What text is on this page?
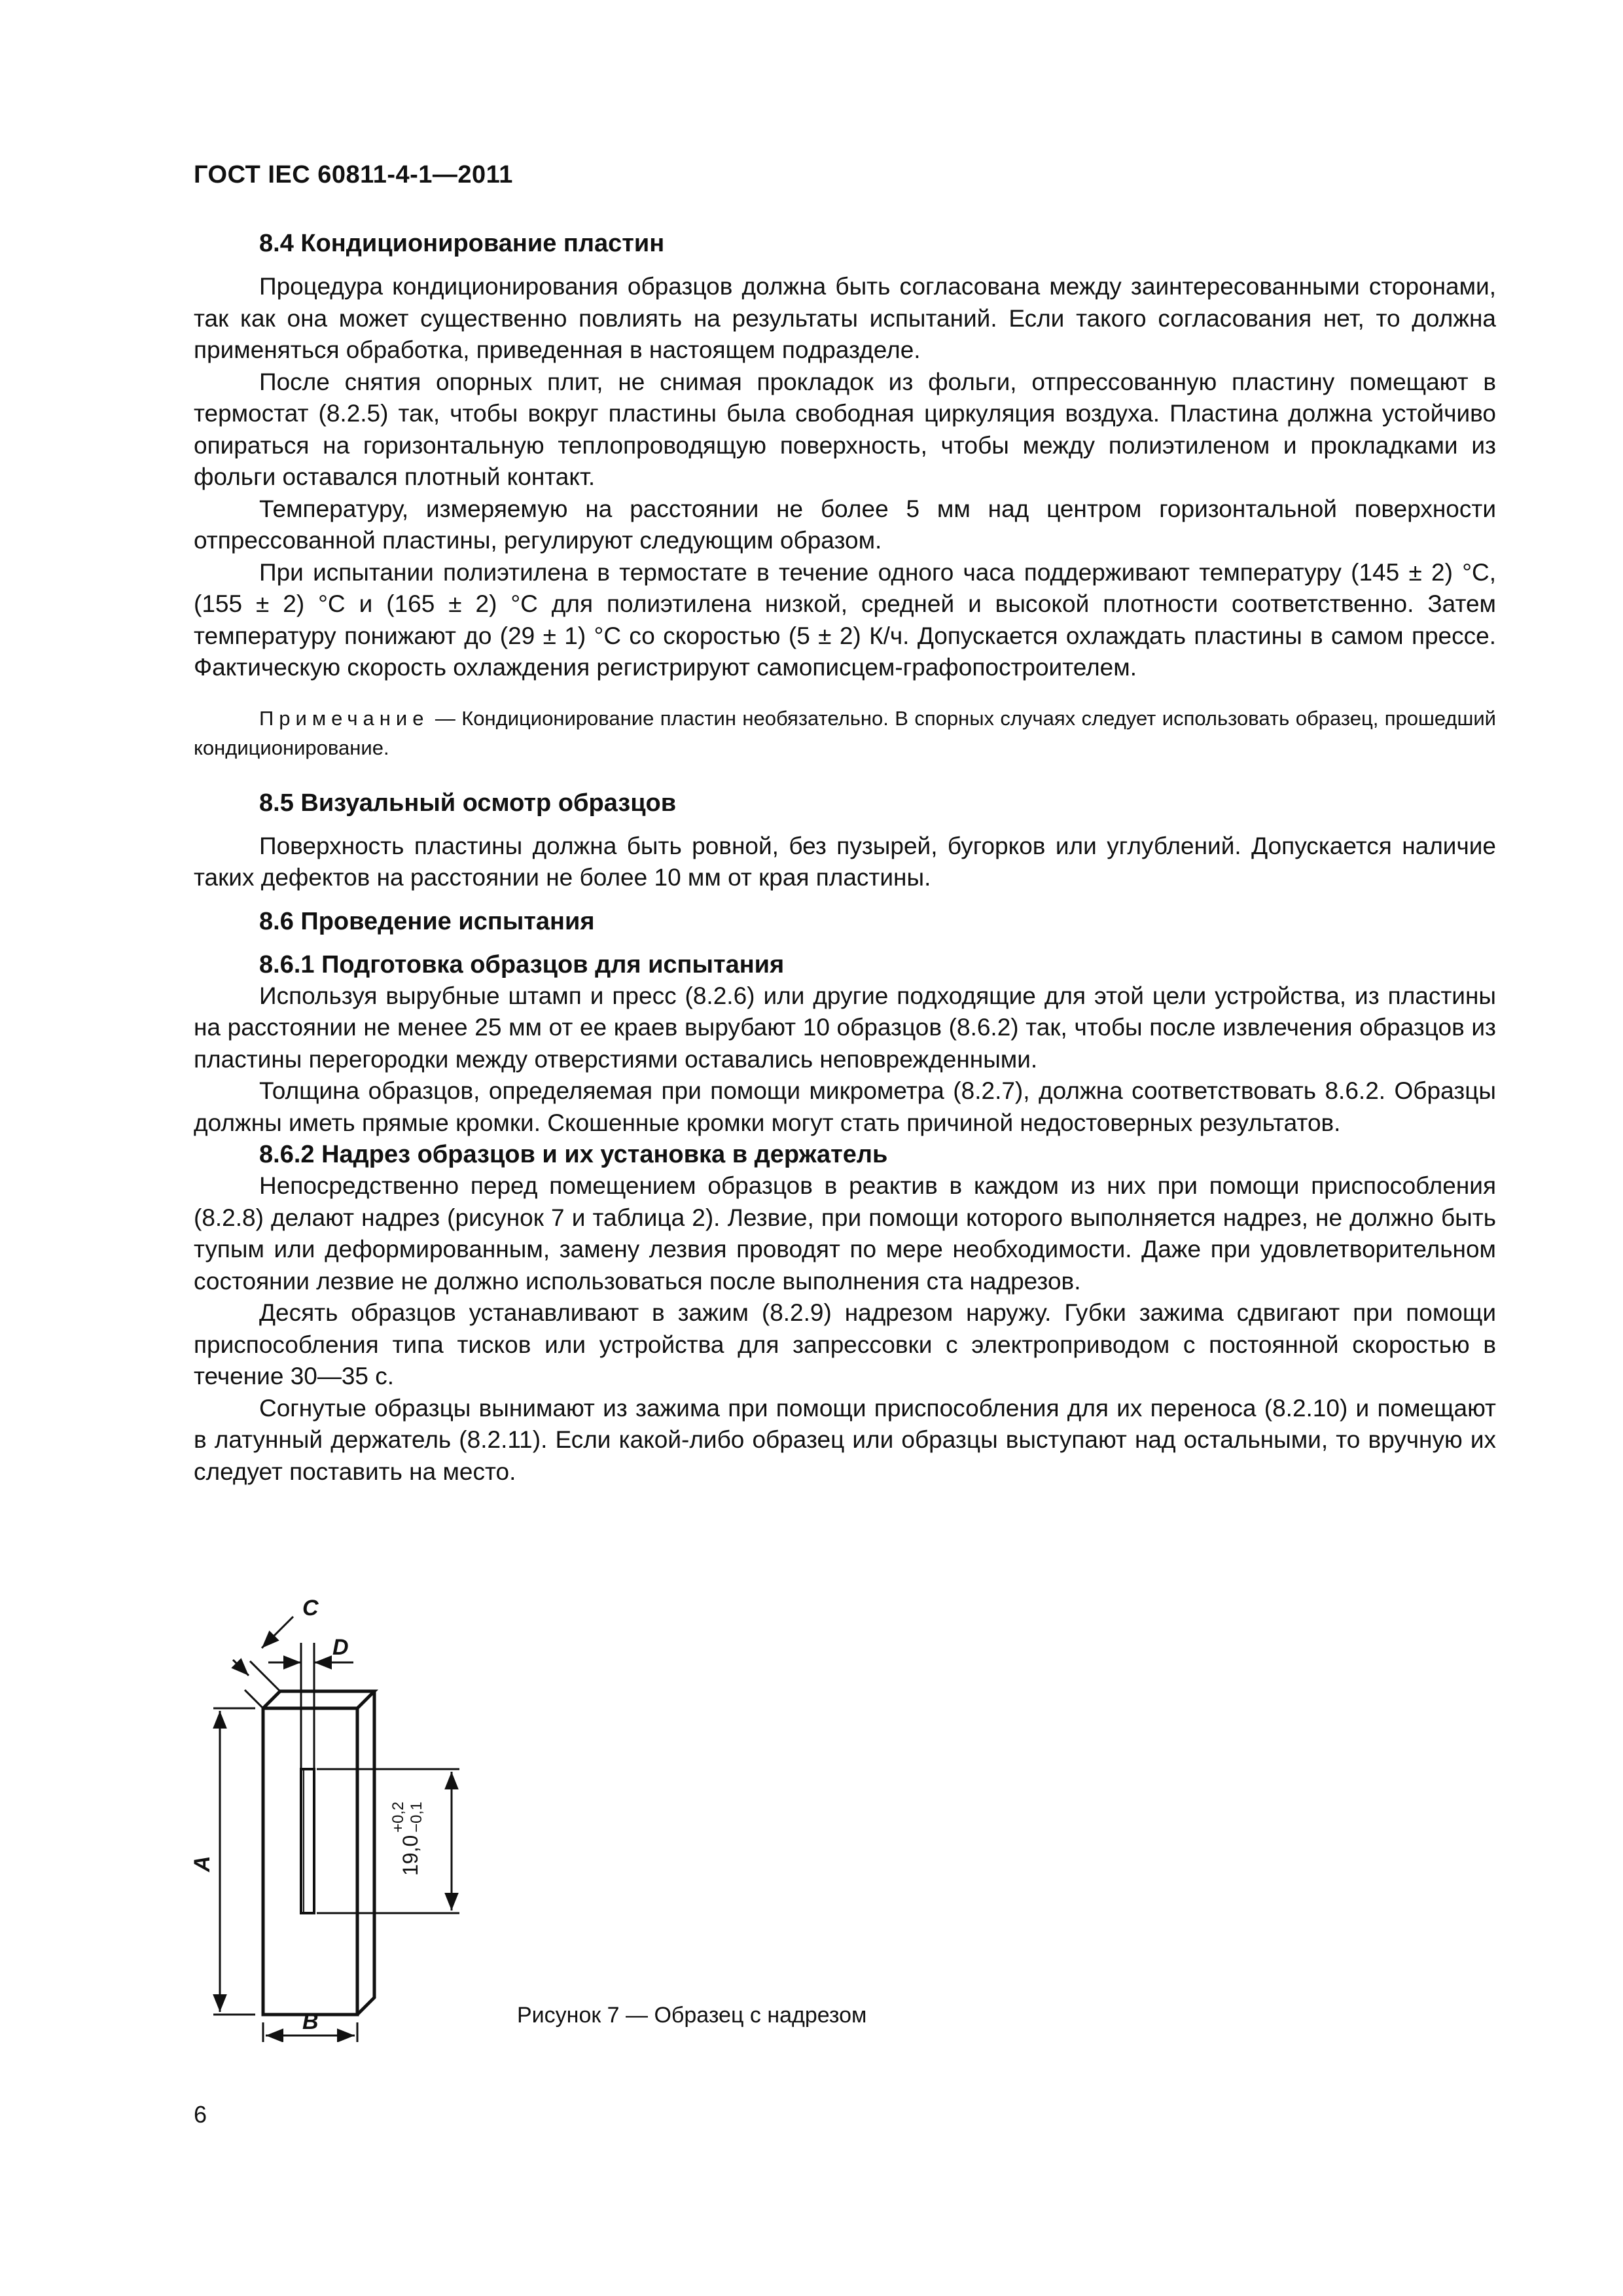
ГОСТ IEC 60811-4-1—2011
8.4 Кондиционирование пластин

Процедура кондиционирования образцов должна быть согласована между заинтересованными сторонами, так как она может существенно повлиять на результаты испытаний. Если такого согласования нет, то должна применяться обработка, приведенная в настоящем подразделе.

После снятия опорных плит, не снимая прокладок из фольги, отпрессованную пластину помещают в термостат (8.2.5) так, чтобы вокруг пластины была свободная циркуляция воздуха. Пластина должна устойчиво опираться на горизонтальную теплопроводящую поверхность, чтобы между полиэтиленом и прокладками из фольги оставался плотный контакт.

Температуру, измеряемую на расстоянии не более 5 мм над центром горизонтальной поверхности отпрессованной пластины, регулируют следующим образом.

При испытании полиэтилена в термостате в течение одного часа поддерживают температуру (145 ± 2) °С, (155 ± 2) °С и (165 ± 2) °С для полиэтилена низкой, средней и высокой плотности соответственно. Затем температуру понижают до (29 ± 1) °С со скоростью (5 ± 2) К/ч. Допускается охлаждать пластины в самом прессе. Фактическую скорость охлаждения регистрируют самописцем-графопостроителем.

Примечание — Кондиционирование пластин необязательно. В спорных случаях следует использовать образец, прошедший кондиционирование.

8.5 Визуальный осмотр образцов

Поверхность пластины должна быть ровной, без пузырей, бугорков или углублений. Допускается наличие таких дефектов на расстоянии не более 10 мм от края пластины.

8.6 Проведение испытания
8.6.1 Подготовка образцов для испытания

Используя вырубные штамп и пресс (8.2.6) или другие подходящие для этой цели устройства, из пластины на расстоянии не менее 25 мм от ее краев вырубают 10 образцов (8.6.2) так, чтобы после извлечения образцов из пластины перегородки между отверстиями оставались неповрежденными.

Толщина образцов, определяемая при помощи микрометра (8.2.7), должна соответствовать 8.6.2. Образцы должны иметь прямые кромки. Скошенные кромки могут стать причиной недостоверных результатов.

8.6.2 Надрез образцов и их установка в держатель

Непосредственно перед помещением образцов в реактив в каждом из них при помощи приспособления (8.2.8) делают надрез (рисунок 7 и таблица 2). Лезвие, при помощи которого выполняется надрез, не должно быть тупым или деформированным, замену лезвия проводят по мере необходимости. Даже при удовлетворительном состоянии лезвие не должно использоваться после выполнения ста надрезов.

Десять образцов устанавливают в зажим (8.2.9) надрезом наружу. Губки зажима сдвигают при помощи приспособления типа тисков или устройства для запрессовки с электроприводом с постоянной скоростью в течение 30—35 с.

Согнутые образцы вынимают из зажима при помощи приспособления для их переноса (8.2.10) и помещают в латунный держатель (8.2.11). Если какой-либо образец или образцы выступают над остальными, то вручную их следует поставить на место.

D
C
A	19,0
+0,2 −0,1
B	Рисунок 7 — Образец с надрезом
6
